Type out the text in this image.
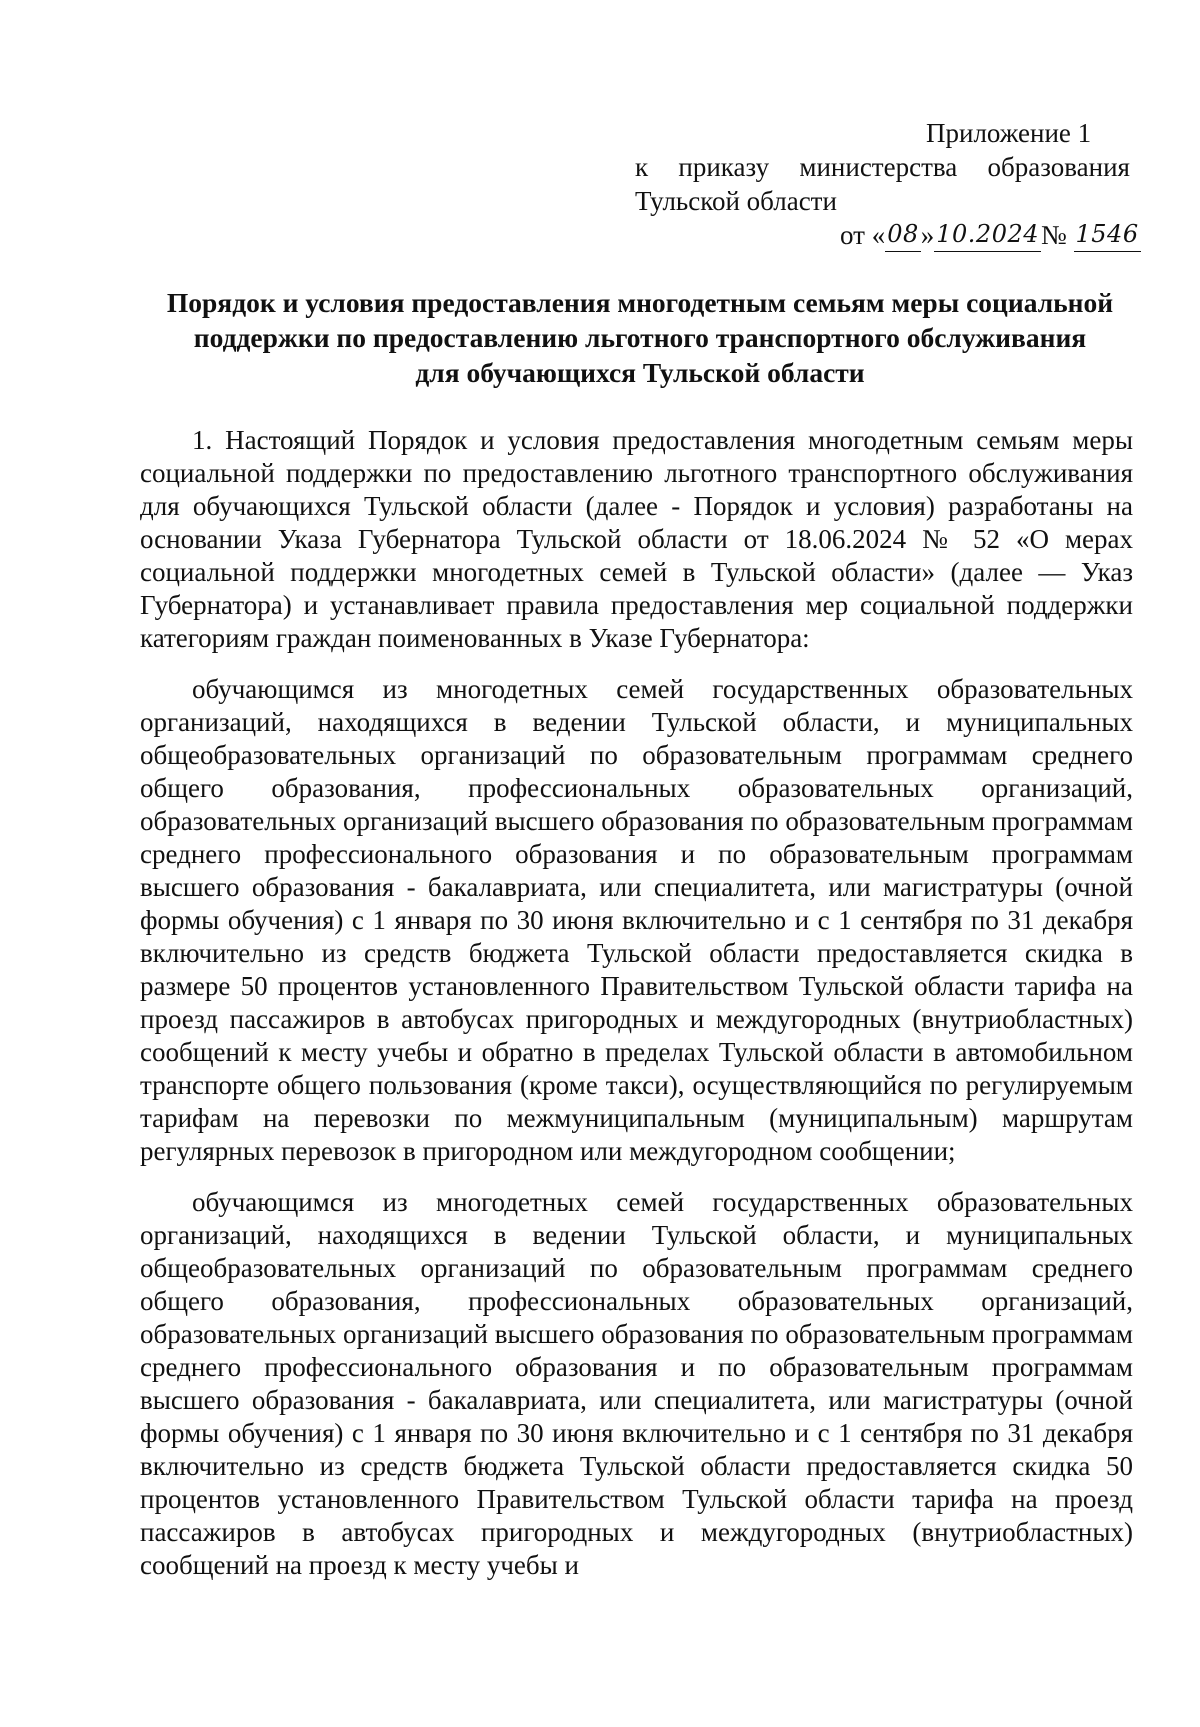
Приложение 1
к приказу министерства образования
Тульской области
от «08»10.2024№ 1546
Порядок и условия предоставления многодетным семьям меры социальной
поддержки по предоставлению льготного транспортного обслуживания
для обучающихся Тульской области

1. Настоящий Порядок и условия предоставления многодетным семьям меры социальной поддержки по предоставлению льготного транспортного обслуживания для обучающихся Тульской области (далее - Порядок и условия) разработаны на основании Указа Губернатора Тульской области от 18.06.2024 № 52 «О мерах социальной поддержки многодетных семей в Тульской области» (далее — Указ Губернатора) и устанавливает правила предоставления мер социальной поддержки категориям граждан поименованных в Указе Губернатора:

обучающимся из многодетных семей государственных образовательных организаций, находящихся в ведении Тульской области, и муниципальных общеобразовательных организаций по образовательным программам среднего общего образования, профессиональных образовательных организаций, образовательных организаций высшего образования по образовательным программам среднего профессионального образования и по образовательным программам высшего образования - бакалавриата, или специалитета, или магистратуры (очной формы обучения) с 1 января по 30 июня включительно и с 1 сентября по 31 декабря включительно из средств бюджета Тульской области предоставляется скидка в размере 50 процентов установленного Правительством Тульской области тарифа на проезд пассажиров в автобусах пригородных и междугородных (внутриобластных) сообщений к месту учебы и обратно в пределах Тульской области в автомобильном транспорте общего пользования (кроме такси), осуществляющийся по регулируемым тарифам на перевозки по межмуниципальным (муниципальным) маршрутам регулярных перевозок в пригородном или междугородном сообщении;

обучающимся из многодетных семей государственных образовательных организаций, находящихся в ведении Тульской области, и муниципальных общеобразовательных организаций по образовательным программам среднего общего образования, профессиональных образовательных организаций, образовательных организаций высшего образования по образовательным программам среднего профессионального образования и по образовательным программам высшего образования - бакалавриата, или специалитета, или магистратуры (очной формы обучения) с 1 января по 30 июня включительно и с 1 сентября по 31 декабря включительно из средств бюджета Тульской области предоставляется скидка 50 процентов установленного Правительством Тульской области тарифа на проезд пассажиров в автобусах пригородных и междугородных (внутриобластных) сообщений на проезд к месту учебы и
